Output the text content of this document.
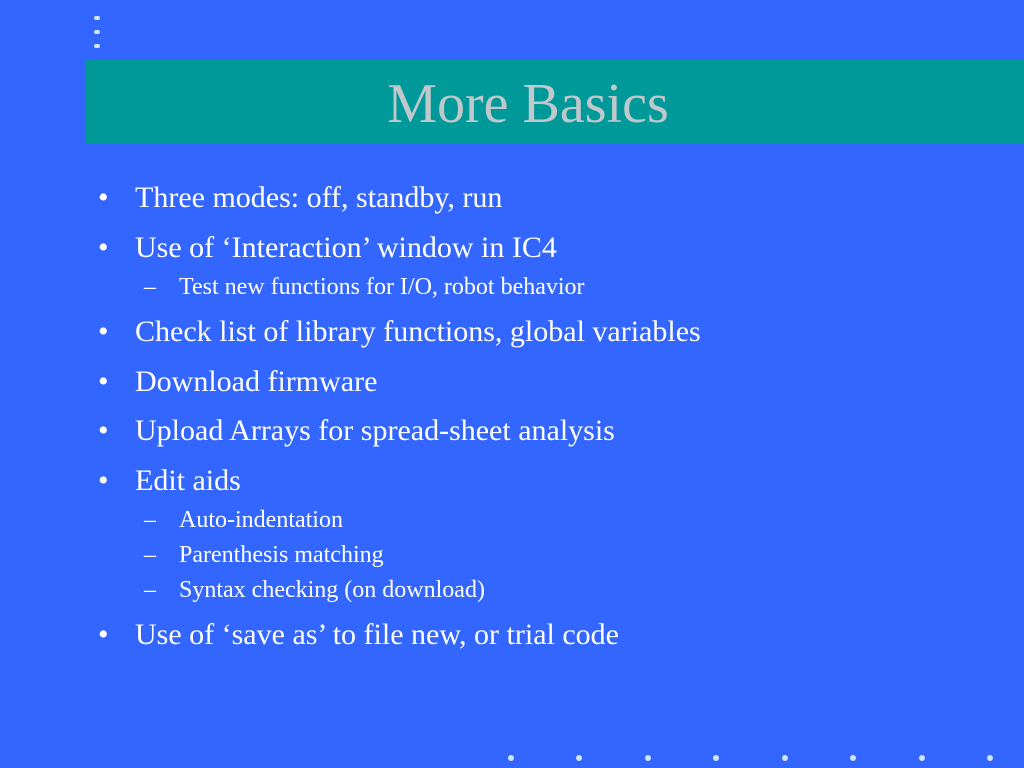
More Basics
• Three modes: off, standby, run
• Use of ‘Interaction’ window in IC4
– Test new functions for I/O, robot behavior
• Check list of library functions, global variables
• Download firmware
• Upload Arrays for spread-sheet analysis
• Edit aids
– Auto-indentation
– Parenthesis matching
– Syntax checking (on download)
• Use of ‘save as’ to file new, or trial code
